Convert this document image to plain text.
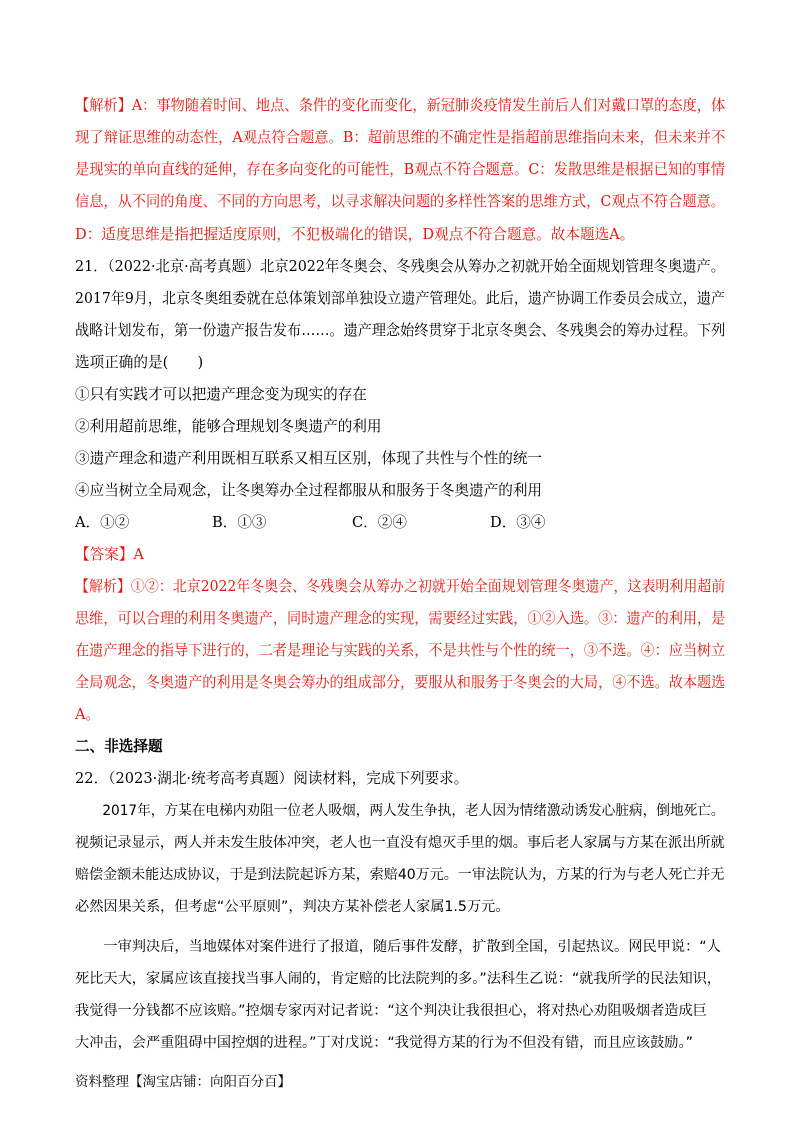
【解析】A：事物随着时间、地点、条件的变化而变化，新冠肺炎疫情发生前后人们对戴口罩的态度，体
现了辩证思维的动态性，A观点符合题意。B：超前思维的不确定性是指超前思维指向未来，但未来并不
是现实的单向直线的延伸，存在多向变化的可能性，B观点不符合题意。C：发散思维是根据已知的事情
信息，从不同的角度、不同的方向思考，以寻求解决问题的多样性答案的思维方式，C观点不符合题意。
D：适度思维是指把握适度原则，不犯极端化的错误，D观点不符合题意。故本题选A。
21．（2022·北京·高考真题）北京2022年冬奥会、冬残奥会从筹办之初就开始全面规划管理冬奥遗产。
2017年9月，北京冬奥组委就在总体策划部单独设立遗产管理处。此后，遗产协调工作委员会成立，遗产
战略计划发布，第一份遗产报告发布……。遗产理念始终贯穿于北京冬奥会、冬残奥会的筹办过程。下列
选项正确的是(　　)
①只有实践才可以把遗产理念变为现实的存在
②利用超前思维，能够合理规划冬奥遗产的利用
③遗产理念和遗产利用既相互联系又相互区别，体现了共性与个性的统一
④应当树立全局观念，让冬奥筹办全过程都服从和服务于冬奥遗产的利用
A．①②	B．①③	C．②④	D．③④
【答案】A
【解析】①②：北京2022年冬奥会、冬残奥会从筹办之初就开始全面规划管理冬奥遗产，这表明利用超前
思维，可以合理的利用冬奥遗产，同时遗产理念的实现，需要经过实践，①②入选。③：遗产的利用，是
在遗产理念的指导下进行的，二者是理论与实践的关系，不是共性与个性的统一，③不选。④：应当树立
全局观念，冬奥遗产的利用是冬奥会筹办的组成部分，要服从和服务于冬奥会的大局，④不选。故本题选
A。
二、非选择题
22．（2023·湖北·统考高考真题）阅读材料，完成下列要求。
　　2017年，方某在电梯内劝阻一位老人吸烟，两人发生争执，老人因为情绪激动诱发心脏病，倒地死亡。
视频记录显示，两人并未发生肢体冲突，老人也一直没有熄灭手里的烟。事后老人家属与方某在派出所就
赔偿金额未能达成协议，于是到法院起诉方某，索赔40万元。一审法院认为，方某的行为与老人死亡并无
必然因果关系，但考虑“公平原则”，判决方某补偿老人家属1.5万元。
　　一审判决后，当地媒体对案件进行了报道，随后事件发酵，扩散到全国，引起热议。网民甲说：“人
死比天大，家属应该直接找当事人闹的，肯定赔的比法院判的多。”法科生乙说：“就我所学的民法知识，
我觉得一分钱都不应该赔。”控烟专家丙对记者说：“这个判决让我很担心，将对热心劝阻吸烟者造成巨
大冲击，会严重阻碍中国控烟的进程。”丁对戊说：“我觉得方某的行为不但没有错，而且应该鼓励。”
资料整理【淘宝店铺：向阳百分百】
